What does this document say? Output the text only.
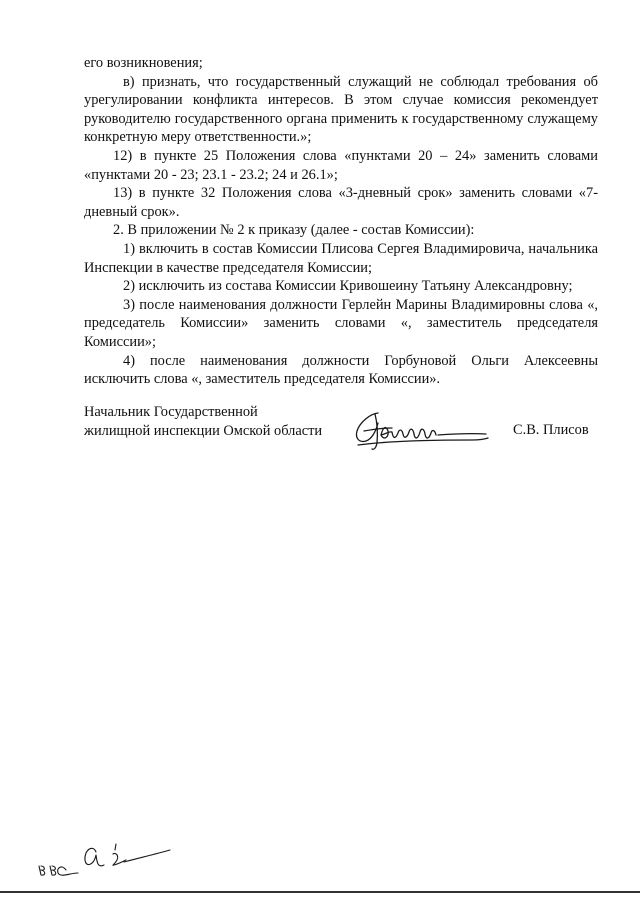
его возникновения;

в) признать, что государственный служащий не соблюдал требования об урегулировании конфликта интересов. В этом случае комиссия рекомендует руководителю государственного органа применить к государственному служащему конкретную меру ответственности.»;

12) в пункте 25 Положения слова «пунктами 20 – 24» заменить словами «пунктами 20 - 23; 23.1 - 23.2; 24 и 26.1»;

13) в пункте 32 Положения слова «3-дневный срок» заменить словами «7-дневный срок».

2. В приложении № 2 к приказу (далее - состав Комиссии):

1) включить в состав Комиссии Плисова Сергея Владимировича, начальника Инспекции в качестве председателя Комиссии;

2) исключить из состава Комиссии Кривошеину Татьяну Александровну;

3) после наименования должности Герлейн Марины Владимировны слова «, председатель Комиссии» заменить словами «, заместитель председателя Комиссии»;

4) после наименования должности Горбуновой Ольги Алексеевны исключить слова «, заместитель председателя Комиссии».

Начальник Государственной
жилищной инспекции Омской области	С.В. Плисов
